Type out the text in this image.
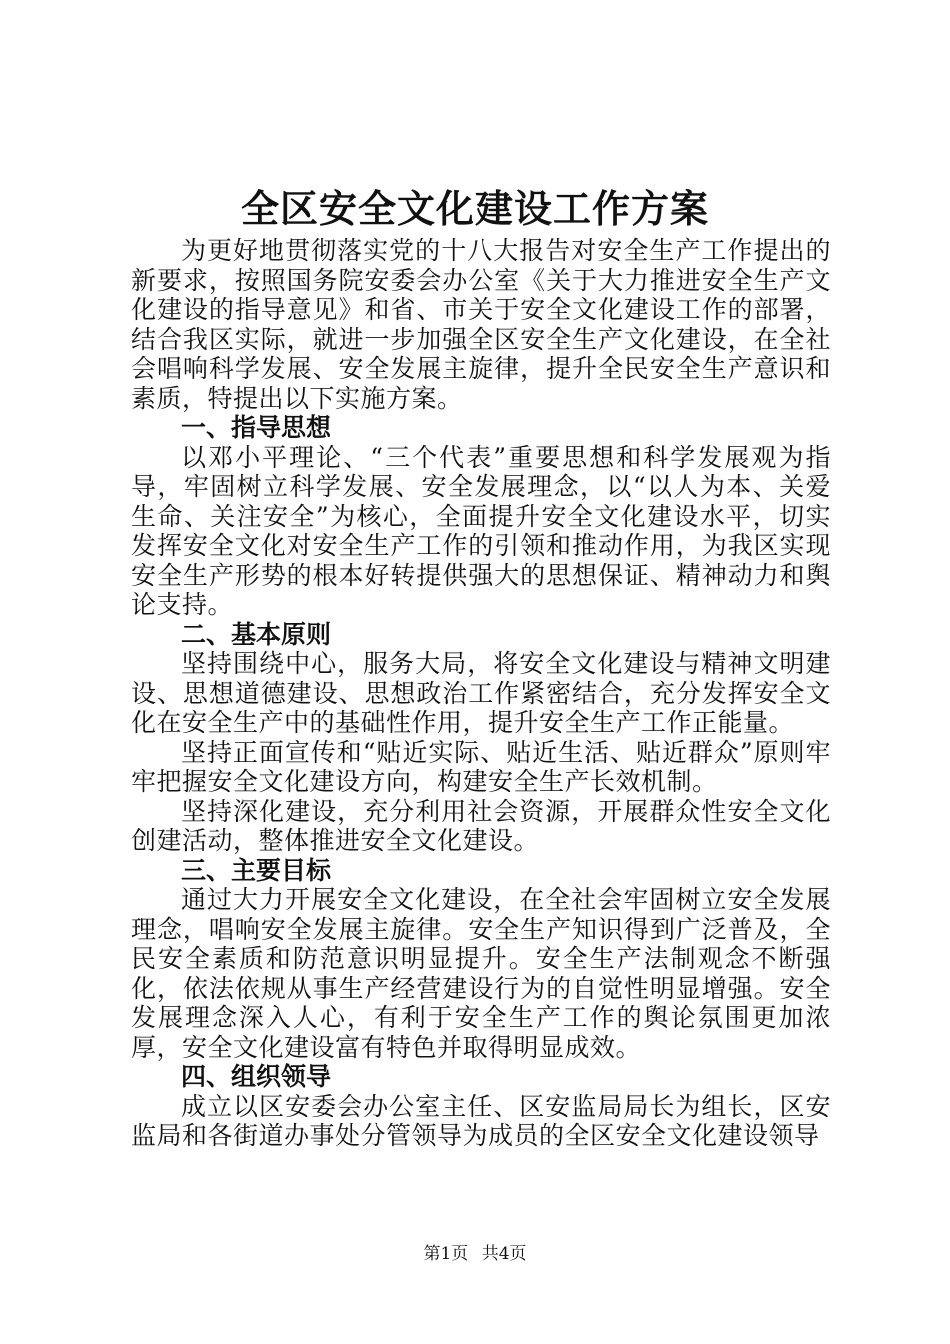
全区安全文化建设工作方案

为更好地贯彻落实党的十八大报告对安全生产工作提出的新要求，按照国务院安委会办公室《关于大力推进安全生产文化建设的指导意见》和省、市关于安全文化建设工作的部署，结合我区实际，就进一步加强全区安全生产文化建设，在全社会唱响科学发展、安全发展主旋律，提升全民安全生产意识和素质，特提出以下实施方案。

一、指导思想

以邓小平理论、“三个代表”重要思想和科学发展观为指导，牢固树立科学发展、安全发展理念，以“以人为本、关爱生命、关注安全”为核心，全面提升安全文化建设水平，切实发挥安全文化对安全生产工作的引领和推动作用，为我区实现安全生产形势的根本好转提供强大的思想保证、精神动力和舆论支持。

二、基本原则

坚持围绕中心，服务大局，将安全文化建设与精神文明建设、思想道德建设、思想政治工作紧密结合，充分发挥安全文化在安全生产中的基础性作用，提升安全生产工作正能量。

坚持正面宣传和“贴近实际、贴近生活、贴近群众”原则牢牢把握安全文化建设方向，构建安全生产长效机制。

坚持深化建设，充分利用社会资源，开展群众性安全文化创建活动，整体推进安全文化建设。

三、主要目标

通过大力开展安全文化建设，在全社会牢固树立安全发展理念，唱响安全发展主旋律。安全生产知识得到广泛普及，全民安全素质和防范意识明显提升。安全生产法制观念不断强化，依法依规从事生产经营建设行为的自觉性明显增强。安全发展理念深入人心，有利于安全生产工作的舆论氛围更加浓厚，安全文化建设富有特色并取得明显成效。

四、组织领导

成立以区安委会办公室主任、区安监局局长为组长，区安监局和各街道办事处分管领导为成员的全区安全文化建设领导

第1页 共4页
